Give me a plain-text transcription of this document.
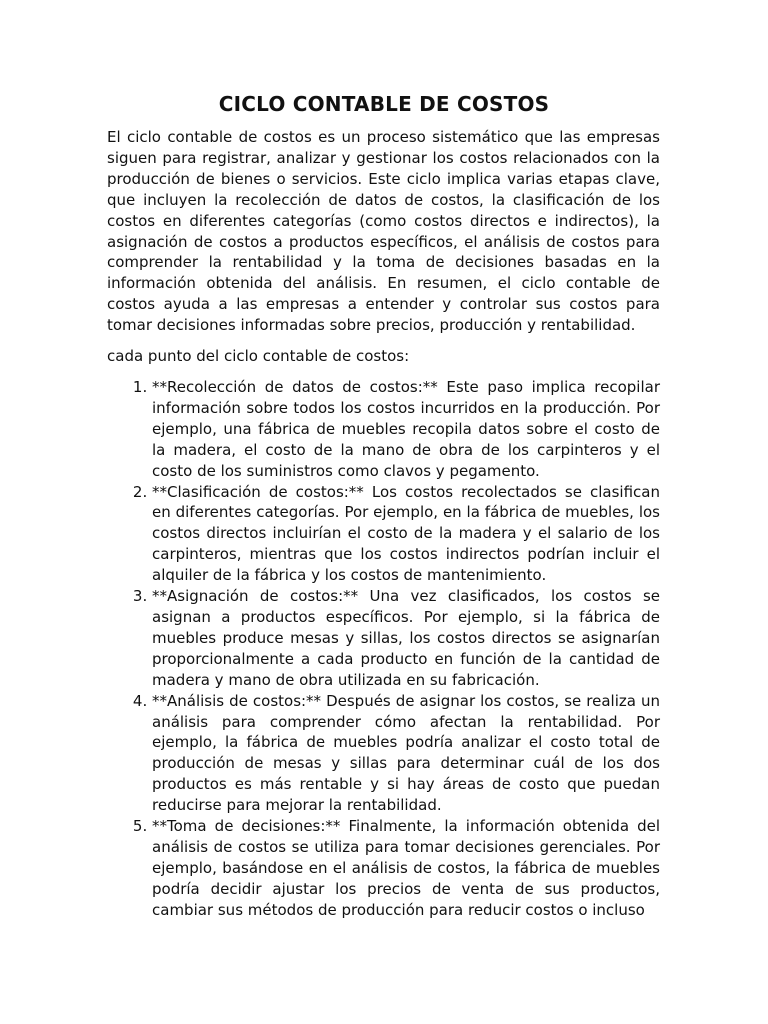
CICLO CONTABLE DE COSTOS

El ciclo contable de costos es un proceso sistemático que las empresas siguen para registrar, analizar y gestionar los costos relacionados con la producción de bienes o servicios. Este ciclo implica varias etapas clave, que incluyen la recolección de datos de costos, la clasificación de los costos en diferentes categorías (como costos directos e indirectos), la asignación de costos a productos específicos, el análisis de costos para comprender la rentabilidad y la toma de decisiones basadas en la información obtenida del análisis. En resumen, el ciclo contable de costos ayuda a las empresas a entender y controlar sus costos para tomar decisiones informadas sobre precios, producción y rentabilidad.

cada punto del ciclo contable de costos:

1. **Recolección de datos de costos:** Este paso implica recopilar información sobre todos los costos incurridos en la producción. Por ejemplo, una fábrica de muebles recopila datos sobre el costo de la madera, el costo de la mano de obra de los carpinteros y el costo de los suministros como clavos y pegamento.
2. **Clasificación de costos:** Los costos recolectados se clasifican en diferentes categorías. Por ejemplo, en la fábrica de muebles, los costos directos incluirían el costo de la madera y el salario de los carpinteros, mientras que los costos indirectos podrían incluir el alquiler de la fábrica y los costos de mantenimiento.
3. **Asignación de costos:** Una vez clasificados, los costos se asignan a productos específicos. Por ejemplo, si la fábrica de muebles produce mesas y sillas, los costos directos se asignarían proporcionalmente a cada producto en función de la cantidad de madera y mano de obra utilizada en su fabricación.
4. **Análisis de costos:** Después de asignar los costos, se realiza un análisis para comprender cómo afectan la rentabilidad. Por ejemplo, la fábrica de muebles podría analizar el costo total de producción de mesas y sillas para determinar cuál de los dos productos es más rentable y si hay áreas de costo que puedan reducirse para mejorar la rentabilidad.
5. **Toma de decisiones:** Finalmente, la información obtenida del análisis de costos se utiliza para tomar decisiones gerenciales. Por ejemplo, basándose en el análisis de costos, la fábrica de muebles podría decidir ajustar los precios de venta de sus productos, cambiar sus métodos de producción para reducir costos o incluso
